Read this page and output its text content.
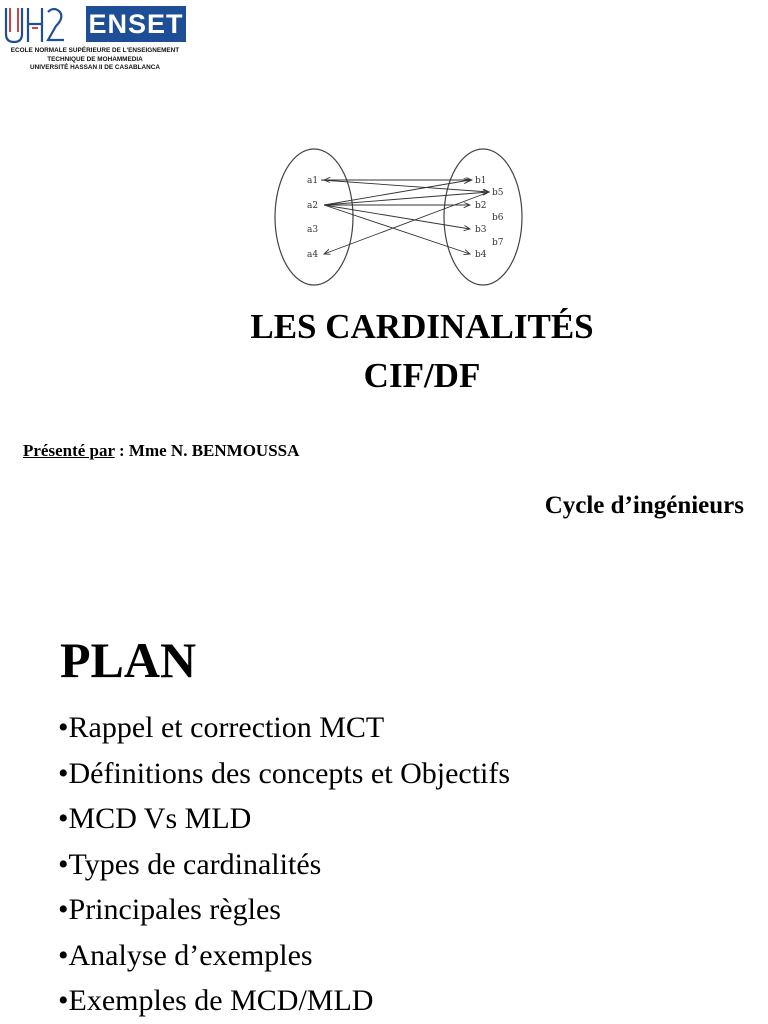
ENSET
ECOLE NORMALE SUPÉRIEURE DE L'ENSEIGNEMENT
TECHNIQUE DE MOHAMMEDIA
UNIVERSITÉ HASSAN II DE CASABLANCA
a1
a2
a3
a4
b1
b5
b2
b6
b3
b7
b4
LES CARDINALITÉS
CIF/DF
Présenté par : Mme N. BENMOUSSA
Cycle d’ingénieurs
PLAN
•Rappel et correction MCT
•Définitions des concepts et Objectifs
•MCD Vs MLD
•Types de cardinalités
•Principales règles
•Analyse d’exemples
•Exemples de MCD/MLD
